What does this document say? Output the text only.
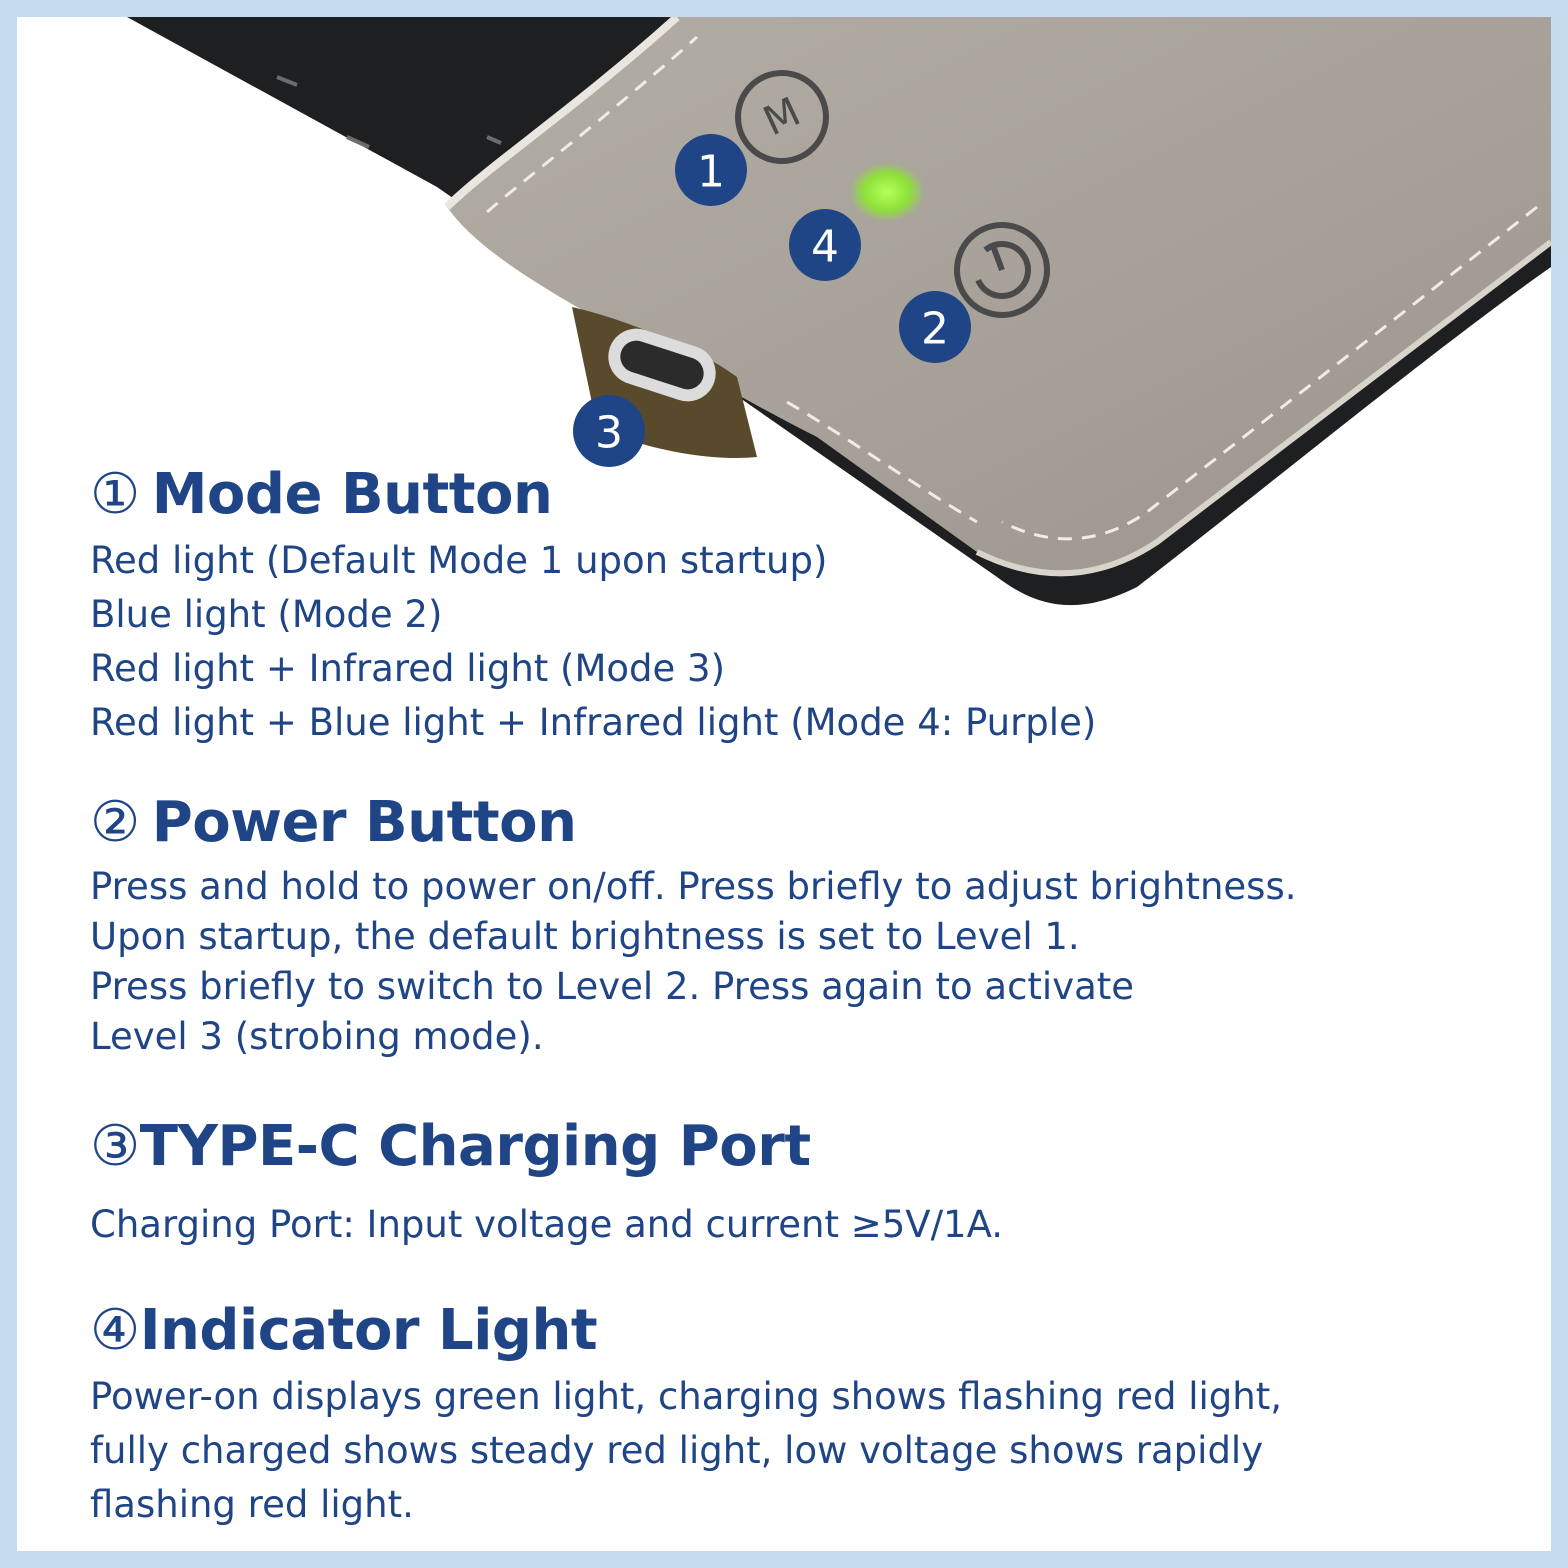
M
1
4
2
3
① Mode Button
Red light (Default Mode 1 upon startup)
Blue light (Mode 2)
Red light + Infrared light (Mode 3)
Red light + Blue light + Infrared light (Mode 4: Purple)
② Power Button
Press and hold to power on/off. Press briefly to adjust brightness.
Upon startup, the default brightness is set to Level 1.
Press briefly to switch to Level 2. Press again to activate
Level 3 (strobing mode).
③TYPE-C Charging Port
Charging Port: Input voltage and current ≥5V/1A.
④Indicator Light
Power-on displays green light, charging shows flashing red light,
fully charged shows steady red light, low voltage shows rapidly
flashing red light.
